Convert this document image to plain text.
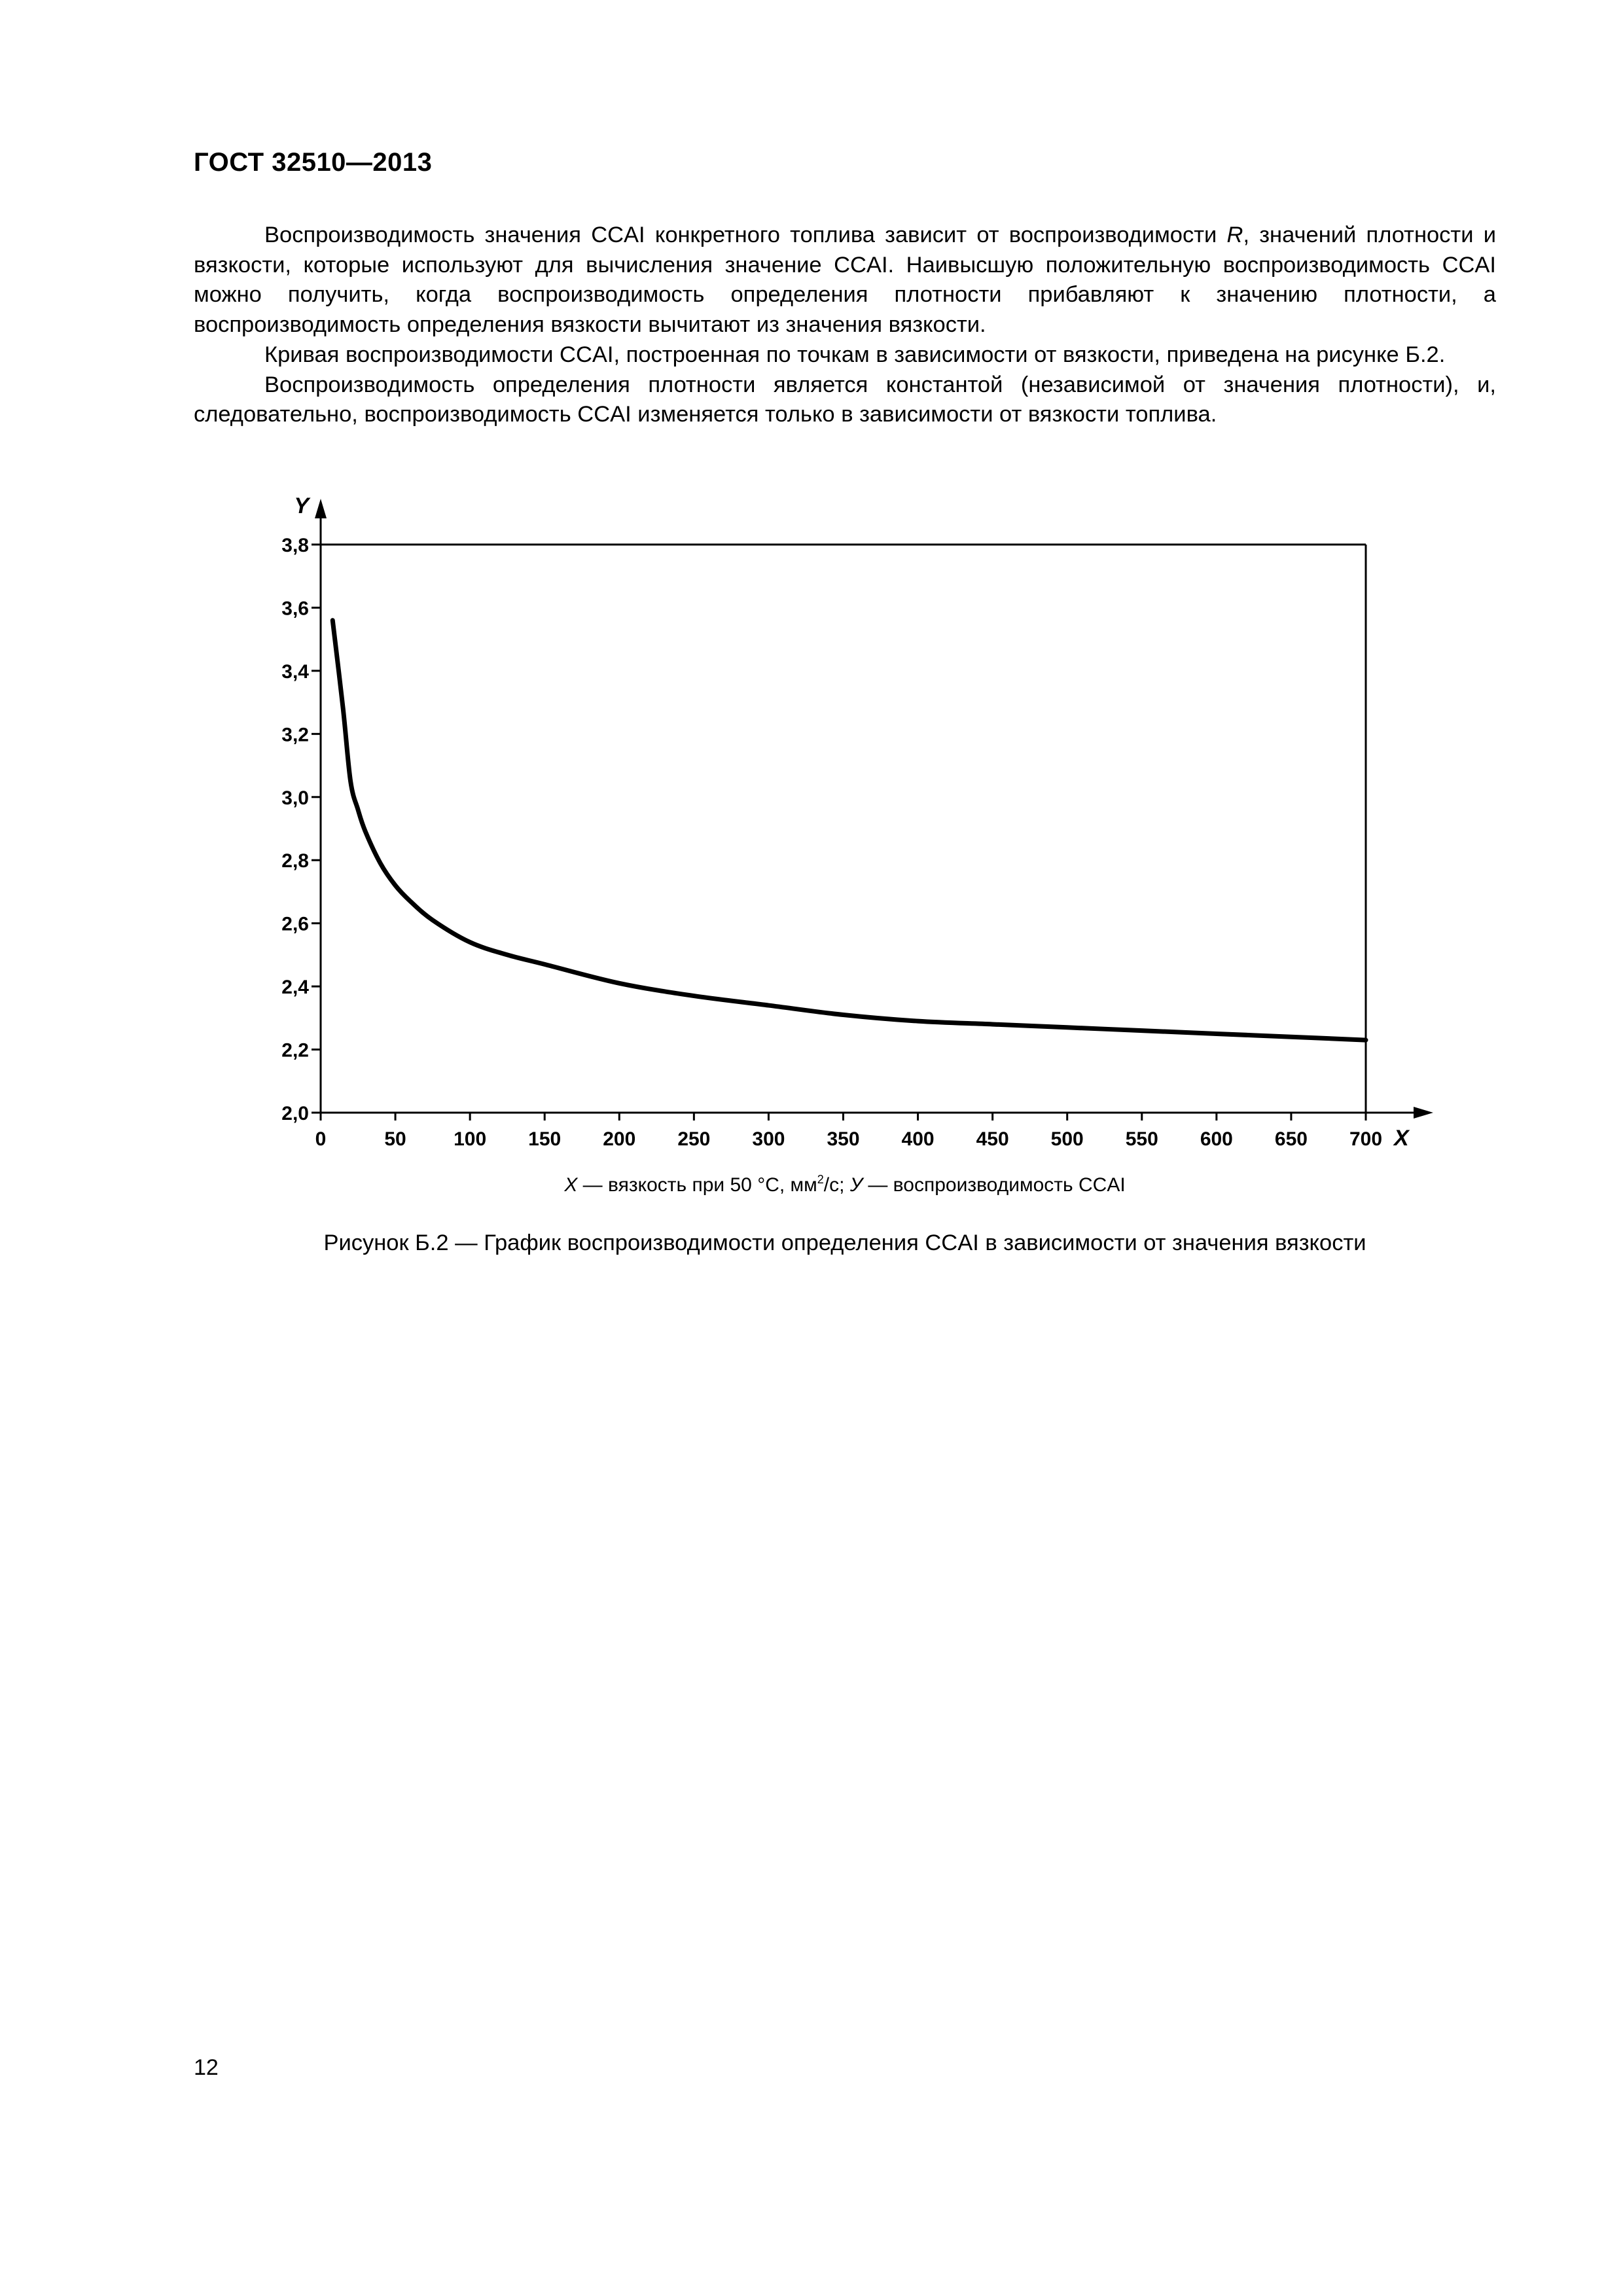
ГОСТ 32510—2013

Воспроизводимость значения CCAI конкретного топлива зависит от воспроизводимости R, значений плотности и вязкости, которые используют для вычисления значение CCAI. Наивысшую положительную воспроизводимость CCAI можно получить, когда воспроизводимость определения плотности прибавляют к значению плотности, а воспроизводимость определения вязкости вычитают из значения вязкости.

Кривая воспроизводимости CCAI, построенная по точкам в зависимости от вязкости, приведена на рисунке Б.2.

Воспроизводимость определения плотности является константой (независимой от значения плотности), и, следовательно, воспроизводимость CCAI изменяется только в зависимости от вязкости топлива.

2,0
2,2
2,4
2,6
2,8
3,0
3,2
3,4
3,6
3,8
0	50 100 150 200 250 300 350 400 450 500 550 600 650 700
Y
X
X — вязкость при 50 °С, $мм^2/с$; У — воспроизводимость CCAI
Рисунок Б.2 — График воспроизводимости определения CCAI в зависимости от значения вязкости
12
